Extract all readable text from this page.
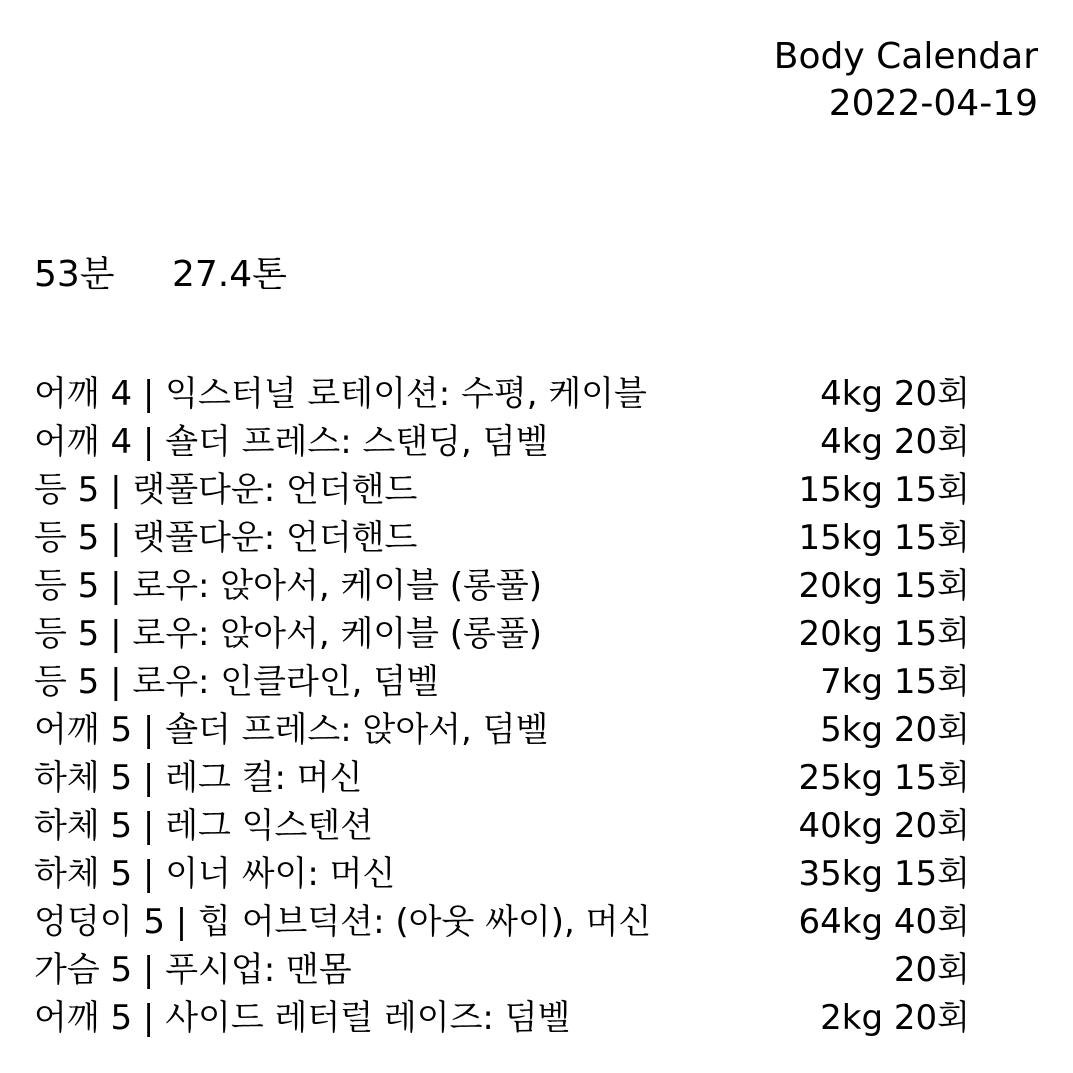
Body Calendar
2022-04-19
53분	27.4톤
어깨 4 | 익스터널 로테이션: 수평, 케이블	4kg 20회
어깨 4 | 숄더 프레스: 스탠딩, 덤벨	4kg 20회
등 5 | 랫풀다운: 언더핸드	15kg 15회
등 5 | 랫풀다운: 언더핸드	15kg 15회
등 5 | 로우: 앉아서, 케이블 (롱풀)	20kg 15회
등 5 | 로우: 앉아서, 케이블 (롱풀)	20kg 15회
등 5 | 로우: 인클라인, 덤벨	7kg 15회
어깨 5 | 숄더 프레스: 앉아서, 덤벨	5kg 20회
하체 5 | 레그 컬: 머신	25kg 15회
하체 5 | 레그 익스텐션	40kg 20회
하체 5 | 이너 싸이: 머신	35kg 15회
엉덩이 5 | 힙 어브덕션: (아웃 싸이), 머신	64kg 40회
가슴 5 | 푸시업: 맨몸	20회
어깨 5 | 사이드 레터럴 레이즈: 덤벨	2kg 20회
